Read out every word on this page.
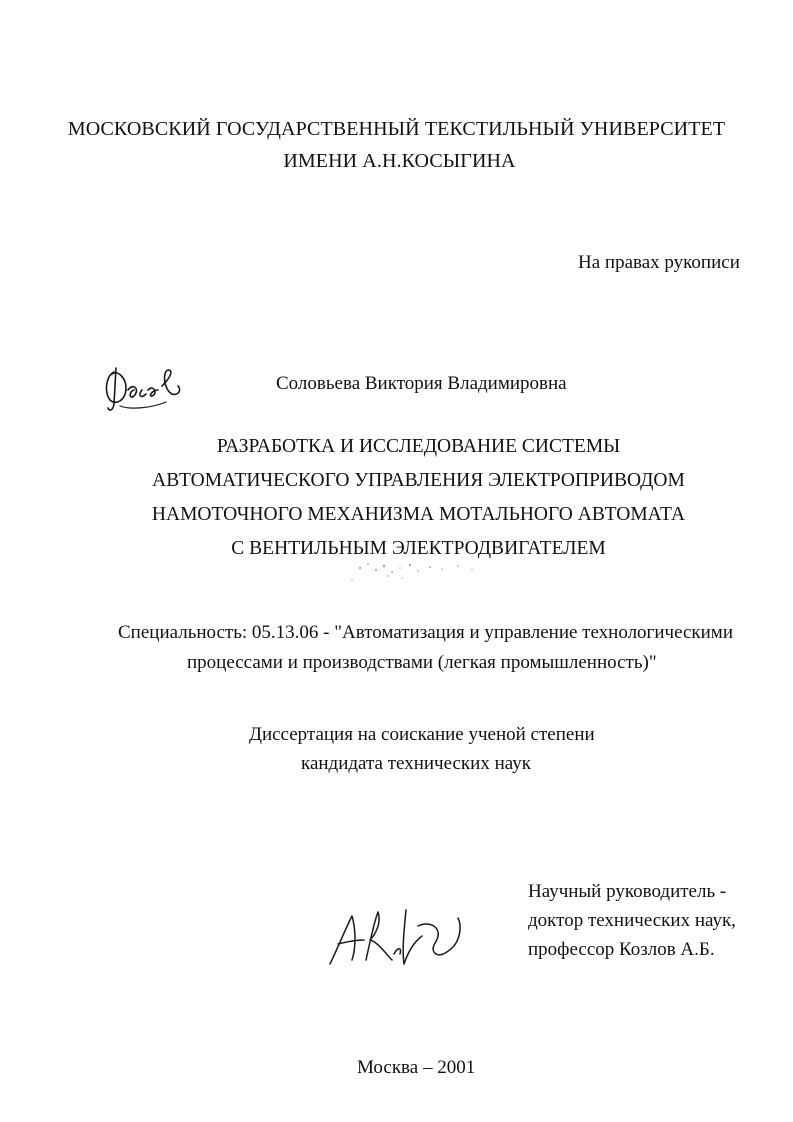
МОСКОВСКИЙ ГОСУДАРСТВЕННЫЙ ТЕКСТИЛЬНЫЙ УНИВЕРСИТЕТ
ИМЕНИ А.Н.КОСЫГИНА
На правах рукописи
Соловьева Виктория Владимировна
РАЗРАБОТКА И ИССЛЕДОВАНИЕ СИСТЕМЫ
АВТОМАТИЧЕСКОГО УПРАВЛЕНИЯ ЭЛЕКТРОПРИВОДОМ
НАМОТОЧНОГО МЕХАНИЗМА МОТАЛЬНОГО АВТОМАТА
С ВЕНТИЛЬНЫМ ЭЛЕКТРОДВИГАТЕЛЕМ
Специальность: 05.13.06 - "Автоматизация и управление технологическими
процессами и производствами (легкая промышленность)"
Диссертация на соискание ученой степени
кандидата технических наук
Научный руководитель -
доктор технических наук,
профессор Козлов А.Б.
Москва – 2001
